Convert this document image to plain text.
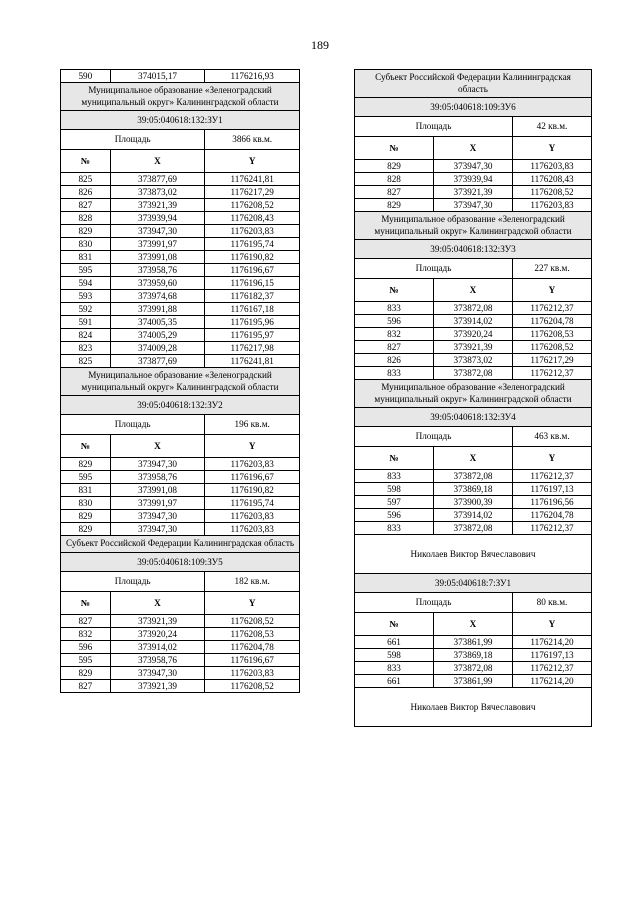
189
590	374015,17	1176216,93
Муниципальное образование «Зеленоградский муниципальный округ» Калининградской области		
39:05:040618:132:ЗУ1		
Площадь		3866 кв.м.
№	X	Y
825	373877,69	1176241,81
826	373873,02	1176217,29
827	373921,39	1176208,52
828	373939,94	1176208,43
829	373947,30	1176203,83
830	373991,97	1176195,74
831	373991,08	1176190,82
595	373958,76	1176196,67
594	373959,60	1176196,15
593	373974,68	1176182,37
592	373991,88	1176167,18
591	374005,35	1176195,96
824	374005,29	1176195,97
823	374009,28	1176217,98
825	373877,69	1176241,81
Муниципальное образование «Зеленоградский муниципальный округ» Калининградской области		
39:05:040618:132:ЗУ2		
Площадь		196 кв.м.
№	X	Y
829	373947,30	1176203,83
595	373958,76	1176196,67
831	373991,08	1176190,82
830	373991,97	1176195,74
829	373947,30	1176203,83
829	373947,30	1176203,83
Субъект Российской Федерации Калининградская область		
39:05:040618:109:ЗУ5		
Площадь		182 кв.м.
№	X	Y
827	373921,39	1176208,52
832	373920,24	1176208,53
596	373914,02	1176204,78
595	373958,76	1176196,67
829	373947,30	1176203,83
827	373921,39	1176208,52
Субъект Российской Федерации Калининградская область		
39:05:040618:109:ЗУ6		
Площадь		42 кв.м.
№	X	Y
829	373947,30	1176203,83
828	373939,94	1176208,43
827	373921,39	1176208,52
829	373947,30	1176203,83
Муниципальное образование «Зеленоградский муниципальный округ» Калининградской области		
39:05:040618:132:ЗУ3		
Площадь		227 кв.м.
№	X	Y
833	373872,08	1176212,37
596	373914,02	1176204,78
832	373920,24	1176208,53
827	373921,39	1176208,52
826	373873,02	1176217,29
833	373872,08	1176212,37
Муниципальное образование «Зеленоградский муниципальный округ» Калининградской области		
39:05:040618:132:ЗУ4		
Площадь		463 кв.м.
№	X	Y
833	373872,08	1176212,37
598	373869,18	1176197,13
597	373900,39	1176196,56
596	373914,02	1176204,78
833	373872,08	1176212,37
Николаев Виктор Вячеславович		
39:05:040618:7:ЗУ1		
Площадь		80 кв.м.
№	X	Y
661	373861,99	1176214,20
598	373869,18	1176197,13
833	373872,08	1176212,37
661	373861,99	1176214,20
Николаев Виктор Вячеславович		
